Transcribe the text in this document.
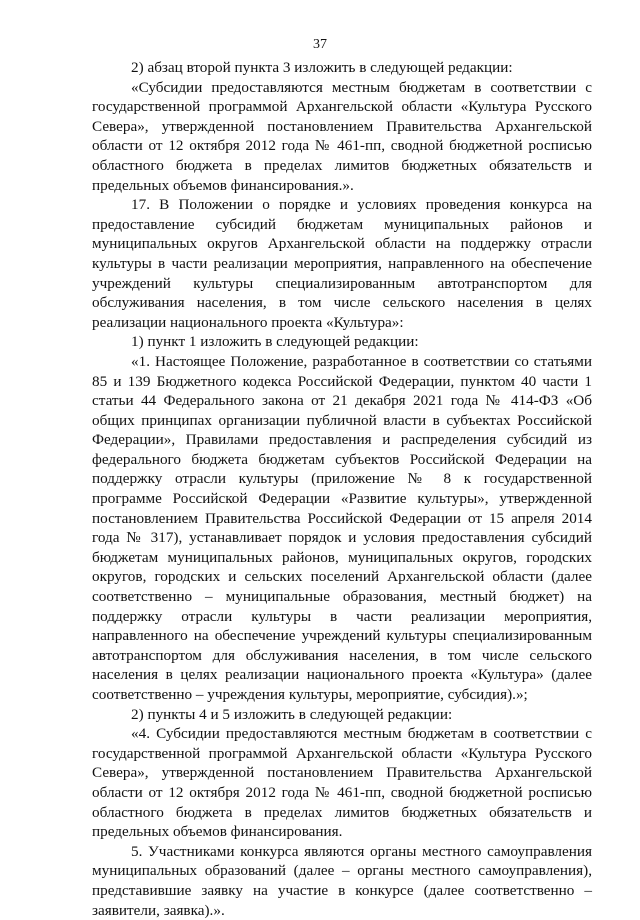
37

2) абзац второй пункта 3 изложить в следующей редакции:

«Субсидии предоставляются местным бюджетам в соответствии с государственной программой Архангельской области «Культура Русского Севера», утвержденной постановлением Правительства Архангельской области от 12 октября 2012 года № 461-пп, сводной бюджетной росписью областного бюджета в пределах лимитов бюджетных обязательств и предельных объемов финансирования.».

17. В Положении о порядке и условиях проведения конкурса на предоставление субсидий бюджетам муниципальных районов и муниципальных округов Архангельской области на поддержку отрасли культуры в части реализации мероприятия, направленного на обеспечение учреждений культуры специализированным автотранспортом для обслуживания населения, в том числе сельского населения в целях реализации национального проекта «Культура»:

1) пункт 1 изложить в следующей редакции:

«1. Настоящее Положение, разработанное в соответствии со статьями 85 и 139 Бюджетного кодекса Российской Федерации, пунктом 40 части 1 статьи 44 Федерального закона от 21 декабря 2021 года № 414-ФЗ «Об общих принципах организации публичной власти в субъектах Российской Федерации», Правилами предоставления и распределения субсидий из федерального бюджета бюджетам субъектов Российской Федерации на поддержку отрасли культуры (приложение № 8 к государственной программе Российской Федерации «Развитие культуры», утвержденной постановлением Правительства Российской Федерации от 15 апреля 2014 года № 317), устанавливает порядок и условия предоставления субсидий бюджетам муниципальных районов, муниципальных округов, городских округов, городских и сельских поселений Архангельской области (далее соответственно – муниципальные образования, местный бюджет) на поддержку отрасли культуры в части реализации мероприятия, направленного на обеспечение учреждений культуры специализированным автотранспортом для обслуживания населения, в том числе сельского населения в целях реализации национального проекта «Культура» (далее соответственно – учреждения культуры, мероприятие, субсидия).»;

2) пункты 4 и 5 изложить в следующей редакции:

«4. Субсидии предоставляются местным бюджетам в соответствии с государственной программой Архангельской области «Культура Русского Севера», утвержденной постановлением Правительства Архангельской области от 12 октября 2012 года № 461-пп, сводной бюджетной росписью областного бюджета в пределах лимитов бюджетных обязательств и предельных объемов финансирования.

5. Участниками конкурса являются органы местного самоуправления муниципальных образований (далее – органы местного самоуправления), представившие заявку на участие в конкурсе (далее соответственно – заявители, заявка).».
